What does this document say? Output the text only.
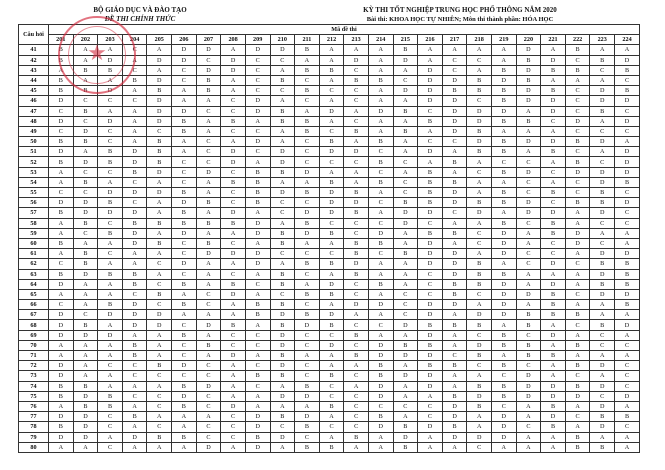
BỘ GIÁO DỤC VÀ ĐÀO TẠO
ĐỀ THI CHÍNH THỨC
KỲ THI TỐT NGHIỆP TRUNG HỌC PHỔ THÔNG NĂM 2020
Bài thi: KHOA HỌC TỰ NHIÊN; Môn thi thành phần: HÓA HỌC
Câu hỏi	Mã đề thi																							
	201	202	203	204	205	206	207	208	209	210	211	212	213	214	215	216	217	218	219	220	221	222	223	224
41	B	A	A	C	A	D	D	A	D	D	B	A	A	A	B	A	A	A	A	D	A	B	A	A
42	B	A	D	A	D	D	C	D	C	C	A	A	D	A	D	A	C	C	A	B	D	C	B	D
43	A	B	B	C	A	C	D	D	C	A	B	B	C	A	A	D	C	A	B	D	B	B	C	B
44	B	A	A	B	D	C	B	A	C	B	C	A	B	B	C	D	D	B	D	B	A	A	A	C
45	B	B	D	A	B	A	B	A	C	C	B	C	C	A	D	D	B	B	B	D	B	C	D	B
46	D	C	C	C	D	A	A	C	D	A	C	A	C	A	A	D	D	C	B	D	D	C	D	D
47	C	B	A	A	D	D	C	C	D	B	A	D	A	D	B	C	D	D	D	A	D	C	B	C
48	D	C	D	A	D	B	A	B	A	B	B	A	C	A	A	B	D	D	B	B	C	D	A	D
49	C	D	C	A	C	B	A	C	C	A	B	C	B	A	B	A	D	B	A	A	A	C	C	C
50	B	B	C	A	B	A	C	A	D	A	C	B	A	B	A	C	C	D	B	D	D	B	D	A
51	D	A	B	D	B	A	C	D	C	D	C	D	D	C	A	D	A	B	B	A	B	C	A	D
52	B	D	B	D	B	C	C	D	A	D	C	C	C	B	C	A	B	A	C	C	A	B	C	D
53	A	C	C	B	D	C	D	C	B	B	D	A	A	C	A	B	A	C	B	D	C	D	D	D
54	A	B	A	C	A	C	A	B	B	A	A	B	A	B	C	B	B	A	A	C	A	C	D	B
55	C	C	D	D	D	B	A	C	B	D	B	D	B	A	C	B	D	A	B	C	B	C	B	C
56	D	D	B	C	A	D	B	C	B	C	C	D	D	C	B	B	D	B	B	D	C	B	B	D
57	B	D	D	D	A	B	A	D	A	C	D	D	B	A	D	D	C	D	A	D	D	A	D	C
58	A	B	C	B	B	B	B	B	D	A	B	C	C	C	D	C	A	A	B	C	B	A	C	C
59	A	C	B	D	A	D	A	A	D	B	D	B	C	D	A	B	B	C	D	A	B	D	A	A
60	B	A	A	D	B	C	B	C	A	B	A	A	B	B	A	D	A	C	D	A	C	D	C	A
61	A	B	C	A	A	C	D	D	D	C	C	C	B	C	B	D	D	A	D	C	C	A	D	D
62	C	B	A	A	C	D	A	A	D	A	B	B	D	A	A	D	D	B	A	C	D	C	B	B
63	B	D	B	B	A	C	A	C	A	B	C	A	B	A	A	C	D	B	B	A	A	A	D	B
64	D	A	A	B	C	B	A	B	C	B	A	D	C	B	A	C	B	B	D	A	D	A	B	B
65	A	A	A	C	B	A	C	D	A	C	B	B	C	A	C	C	B	C	D	D	B	C	D	D
66	C	A	B	D	C	B	C	A	B	B	C	A	D	D	C	D	D	A	D	A	B	A	A	B
67	D	C	D	D	D	A	A	A	B	D	B	D	A	A	C	D	A	D	D	B	B	B	A	A
68	D	B	A	D	D	C	D	B	A	B	D	B	C	C	D	B	B	B	A	B	A	C	B	D
69	D	D	D	A	A	B	A	C	C	D	C	C	B	A	A	D	A	C	B	C	D	A	C	A
70	A	A	A	B	A	C	B	C	C	D	C	D	C	D	B	B	A	D	B	B	A	B	C	C
71	A	A	A	B	A	C	A	D	A	B	A	A	B	D	D	D	C	B	A	B	B	A	A	A
72	D	A	C	C	B	D	C	A	C	D	C	A	A	B	A	B	B	C	B	C	A	B	D	C
73	D	A	A	C	C	C	C	A	B	B	C	B	C	B	D	D	A	A	C	D	A	C	A	C
74	B	B	A	A	A	B	D	A	C	A	B	C	A	D	A	D	A	B	B	D	D	B	D	C
75	B	D	B	C	C	D	C	A	A	D	D	C	C	D	A	A	B	D	B	D	D	D	C	D
76	A	B	B	A	C	B	C	D	A	A	A	B	C	C	C	C	D	B	C	A	B	A	D	A
77	D	D	C	B	A	A	A	C	D	B	D	A	C	B	A	C	D	A	D	A	D	C	B	B
78	B	D	C	A	C	A	C	C	D	C	B	C	C	D	B	D	B	A	D	C	B	A	D	C
79	D	D	A	D	B	B	C	C	B	D	C	A	B	A	D	A	D	D	D	A	A	B	A	A
80	A	A	C	A	A	A	D	A	D	A	B	B	A	A	B	A	A	C	A	A	A	B	B	A
★
